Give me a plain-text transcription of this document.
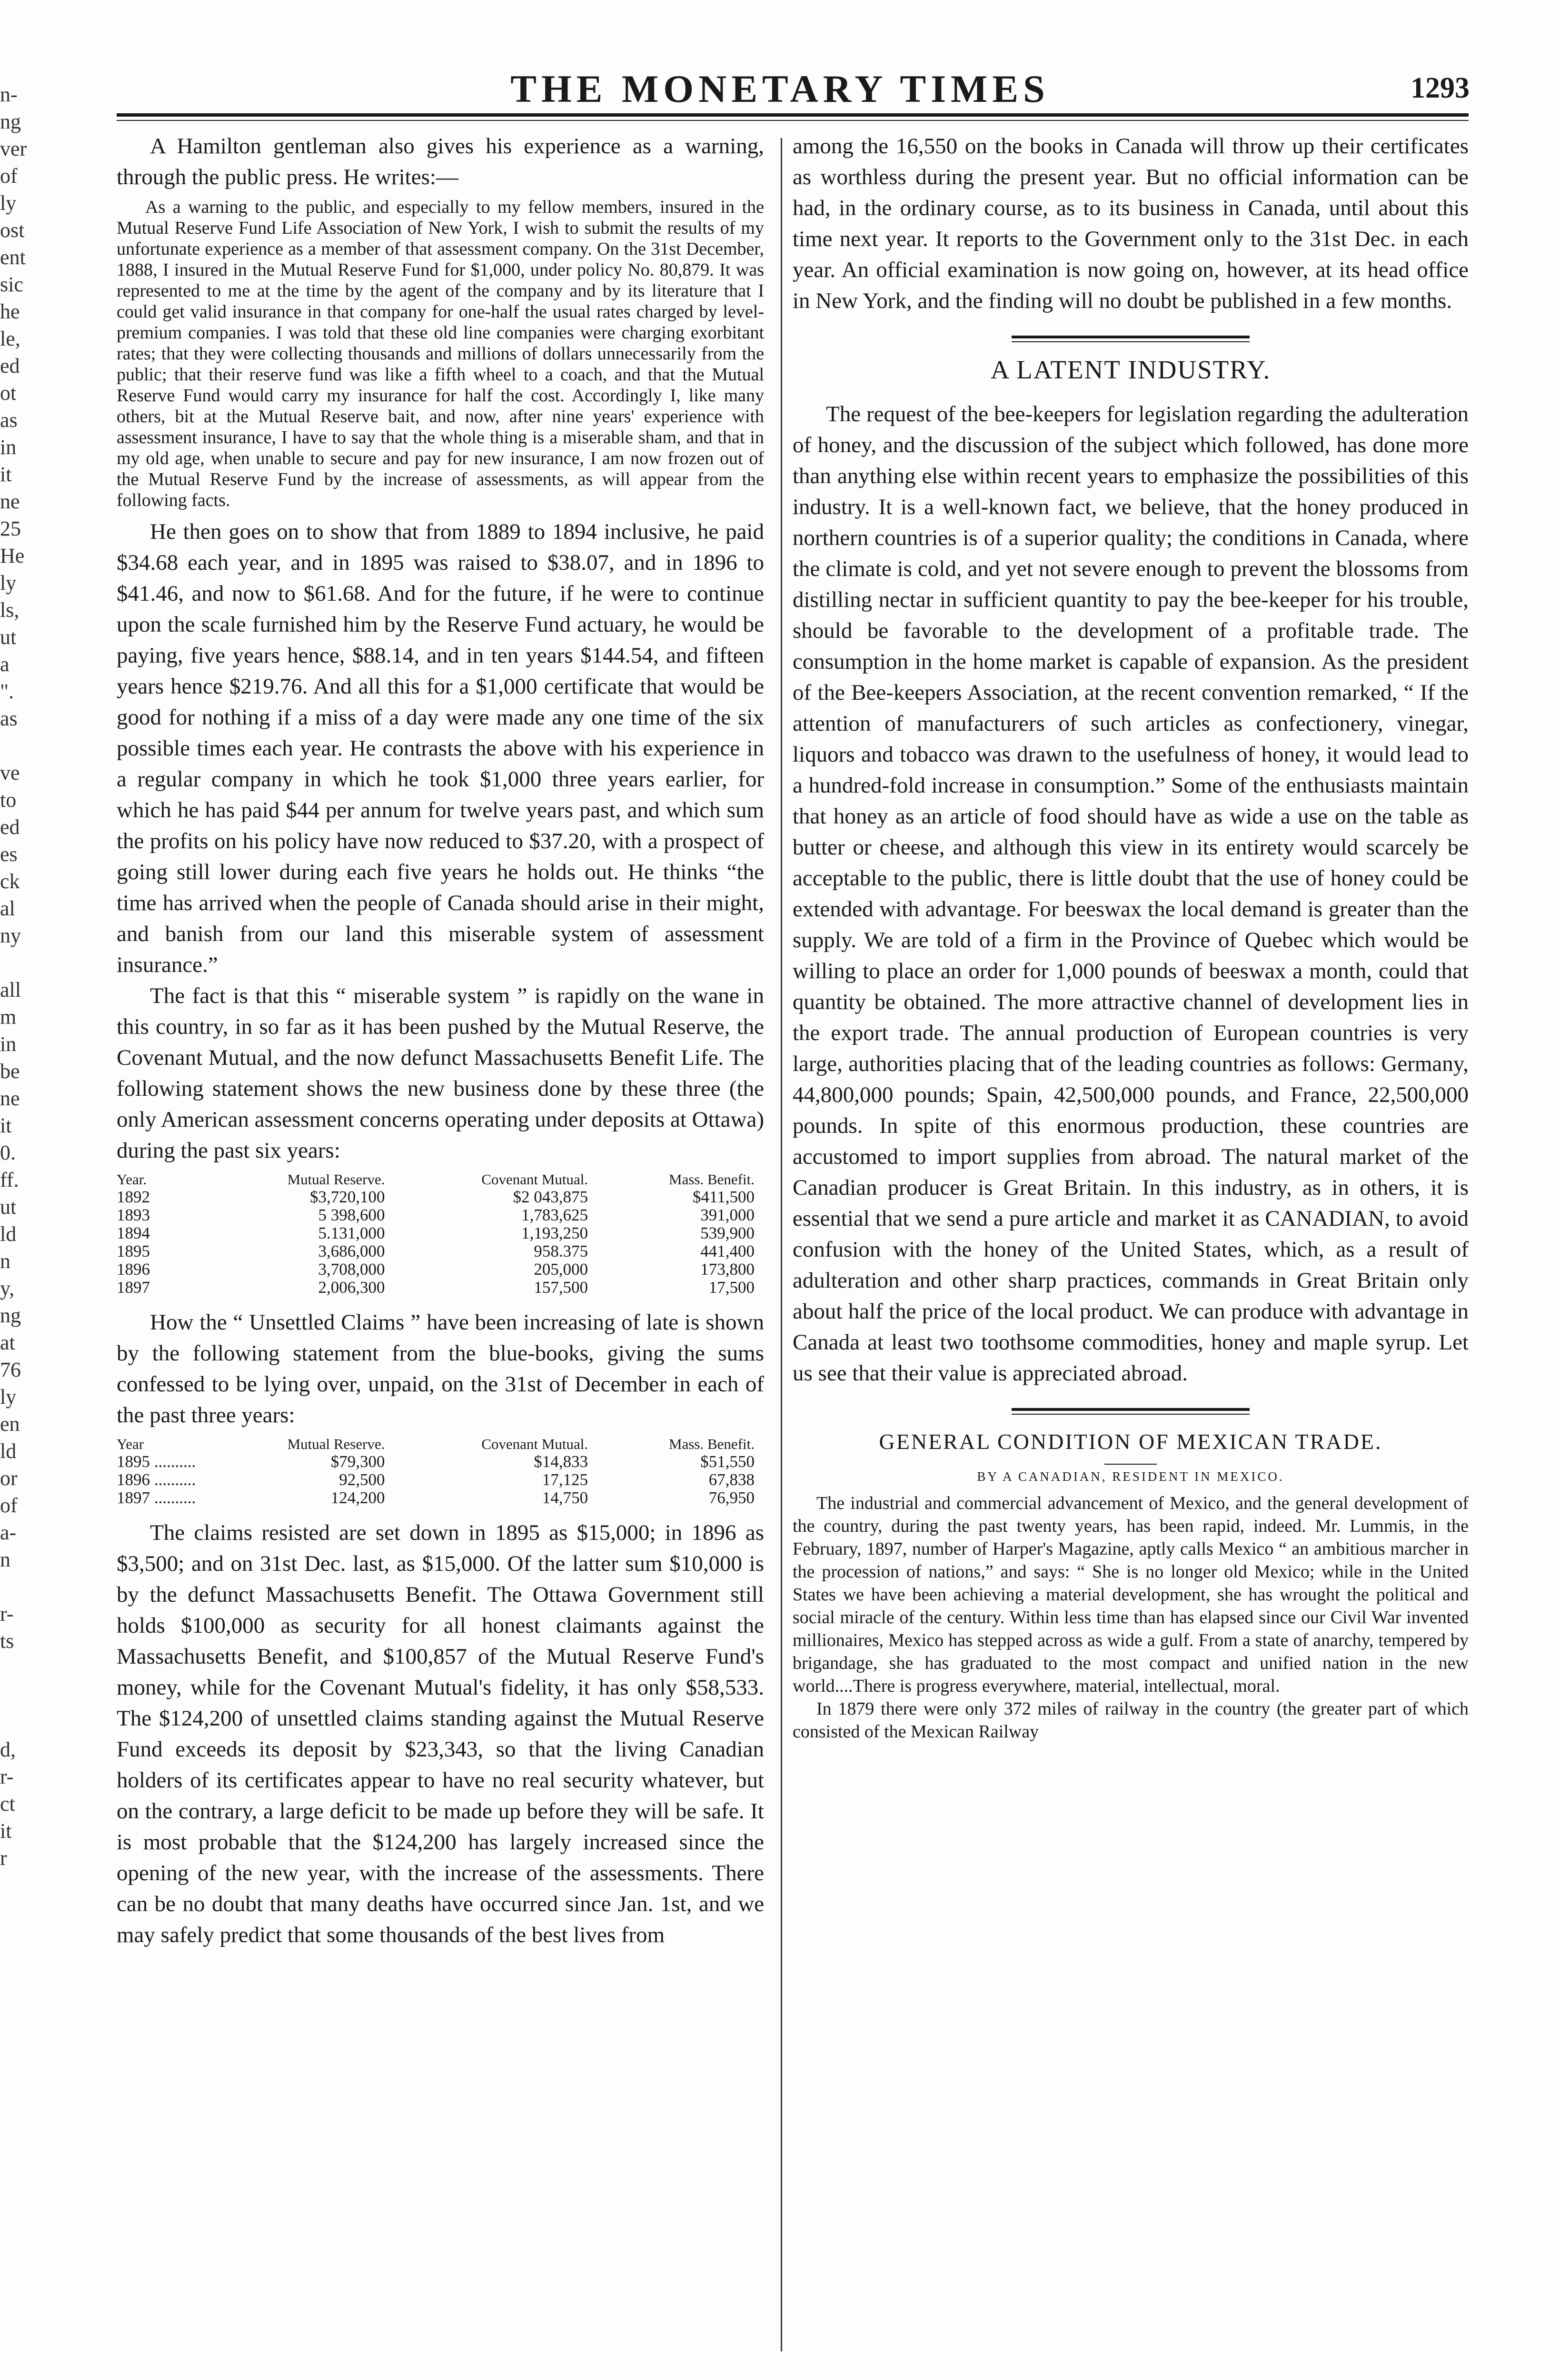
THE MONETARY TIMES	1293
n-
ng
ver
of
ly
ost
ent
sic
he
le,
ed
ot
as
in
it
ne
25
He
ly
ls,
ut
a
".
as

ve
to
ed
es
ck
al
ny

all
m
in
be
ne
it
0.
ff.
ut
ld
n
y,
ng
at
76
ly
en
ld
or
of
a-
n

r-
ts

d,
r-
ct
it
r

A Hamilton gentleman also gives his experience as a warning, through the public press. He writes:—

As a warning to the public, and especially to my fellow members, insured in the Mutual Reserve Fund Life Association of New York, I wish to submit the results of my unfortunate experience as a member of that assessment company. On the 31st December, 1888, I insured in the Mutual Reserve Fund for $1,000, under policy No. 80,879. It was represented to me at the time by the agent of the company and by its literature that I could get valid insurance in that company for one-half the usual rates charged by level-premium companies. I was told that these old line companies were charging exorbitant rates; that they were collecting thousands and millions of dollars unnecessarily from the public; that their reserve fund was like a fifth wheel to a coach, and that the Mutual Reserve Fund would carry my insurance for half the cost. Accordingly I, like many others, bit at the Mutual Reserve bait, and now, after nine years' experience with assessment insurance, I have to say that the whole thing is a miserable sham, and that in my old age, when unable to secure and pay for new insurance, I am now frozen out of the Mutual Reserve Fund by the increase of assessments, as will appear from the following facts.

He then goes on to show that from 1889 to 1894 inclusive, he paid $34.68 each year, and in 1895 was raised to $38.07, and in 1896 to $41.46, and now to $61.68. And for the future, if he were to continue upon the scale furnished him by the Reserve Fund actuary, he would be paying, five years hence, $88.14, and in ten years $144.54, and fifteen years hence $219.76. And all this for a $1,000 certificate that would be good for nothing if a miss of a day were made any one time of the six possible times each year. He contrasts the above with his experience in a regular company in which he took $1,000 three years earlier, for which he has paid $44 per annum for twelve years past, and which sum the profits on his policy have now reduced to $37.20, with a prospect of going still lower during each five years he holds out. He thinks “the time has arrived when the people of Canada should arise in their might, and banish from our land this miserable system of assessment insurance.”

The fact is that this “ miserable system ” is rapidly on the wane in this country, in so far as it has been pushed by the Mutual Reserve, the Covenant Mutual, and the now defunct Massachusetts Benefit Life. The following statement shows the new business done by these three (the only American assessment concerns operating under deposits at Ottawa) during the past six years:

Year.	Mutual Reserve.	Covenant Mutual.	Mass. Benefit.
1892	$3,720,100	$2 043,875	$411,500
1893	5 398,600	1,783,625	391,000
1894	5.131,000	1,193,250	539,900
1895	3,686,000	958.375	441,400
1896	3,708,000	205,000	173,800
1897	2,006,300	157,500	17,500

How the “ Unsettled Claims ” have been increasing of late is shown by the following statement from the blue-books, giving the sums confessed to be lying over, unpaid, on the 31st of December in each of the past three years:

Year	Mutual Reserve.	Covenant Mutual.	Mass. Benefit.
1895 ..........	$79,300	$14,833	$51,550
1896 ..........	92,500	17,125	67,838
1897 ..........	124,200	14,750	76,950

The claims resisted are set down in 1895 as $15,000; in 1896 as $3,500; and on 31st Dec. last, as $15,000. Of the latter sum $10,000 is by the defunct Massachusetts Benefit. The Ottawa Government still holds $100,000 as security for all honest claimants against the Massachusetts Benefit, and $100,857 of the Mutual Reserve Fund's money, while for the Covenant Mutual's fidelity, it has only $58,533. The $124,200 of unsettled claims standing against the Mutual Reserve Fund exceeds its deposit by $23,343, so that the living Canadian holders of its certificates appear to have no real security whatever, but on the contrary, a large deficit to be made up before they will be safe. It is most probable that the $124,200 has largely increased since the opening of the new year, with the increase of the assessments. There can be no doubt that many deaths have occurred since Jan. 1st, and we may safely predict that some thousands of the best lives from

among the 16,550 on the books in Canada will throw up their certificates as worthless during the present year. But no official information can be had, in the ordinary course, as to its business in Canada, until about this time next year. It reports to the Government only to the 31st Dec. in each year. An official examination is now going on, however, at its head office in New York, and the finding will no doubt be published in a few months.

A LATENT INDUSTRY.

The request of the bee-keepers for legislation regarding the adulteration of honey, and the discussion of the subject which followed, has done more than anything else within recent years to emphasize the possibilities of this industry. It is a well-known fact, we believe, that the honey produced in northern countries is of a superior quality; the conditions in Canada, where the climate is cold, and yet not severe enough to prevent the blossoms from distilling nectar in sufficient quantity to pay the bee-keeper for his trouble, should be favorable to the development of a profitable trade. The consumption in the home market is capable of expansion. As the president of the Bee-keepers Association, at the recent convention remarked, “ If the attention of manufacturers of such articles as confectionery, vinegar, liquors and tobacco was drawn to the usefulness of honey, it would lead to a hundred-fold increase in consumption.” Some of the enthusiasts maintain that honey as an article of food should have as wide a use on the table as butter or cheese, and although this view in its entirety would scarcely be acceptable to the public, there is little doubt that the use of honey could be extended with advantage. For beeswax the local demand is greater than the supply. We are told of a firm in the Province of Quebec which would be willing to place an order for 1,000 pounds of beeswax a month, could that quantity be obtained. The more attractive channel of development lies in the export trade. The annual production of European countries is very large, authorities placing that of the leading countries as follows: Germany, 44,800,000 pounds; Spain, 42,500,000 pounds, and France, 22,500,000 pounds. In spite of this enormous production, these countries are accustomed to import supplies from abroad. The natural market of the Canadian producer is Great Britain. In this industry, as in others, it is essential that we send a pure article and market it as CANADIAN, to avoid confusion with the honey of the United States, which, as a result of adulteration and other sharp practices, commands in Great Britain only about half the price of the local product. We can produce with advantage in Canada at least two toothsome commodities, honey and maple syrup. Let us see that their value is appreciated abroad.

GENERAL CONDITION OF MEXICAN TRADE.
BY A CANADIAN, RESIDENT IN MEXICO.

The industrial and commercial advancement of Mexico, and the general development of the country, during the past twenty years, has been rapid, indeed. Mr. Lummis, in the February, 1897, number of Harper's Magazine, aptly calls Mexico “ an ambitious marcher in the procession of nations,” and says: “ She is no longer old Mexico; while in the United States we have been achieving a material development, she has wrought the political and social miracle of the century. Within less time than has elapsed since our Civil War invented millionaires, Mexico has stepped across as wide a gulf. From a state of anarchy, tempered by brigandage, she has graduated to the most compact and unified nation in the new world....There is progress everywhere, material, intellectual, moral.

In 1879 there were only 372 miles of railway in the country (the greater part of which consisted of the Mexican Railway
